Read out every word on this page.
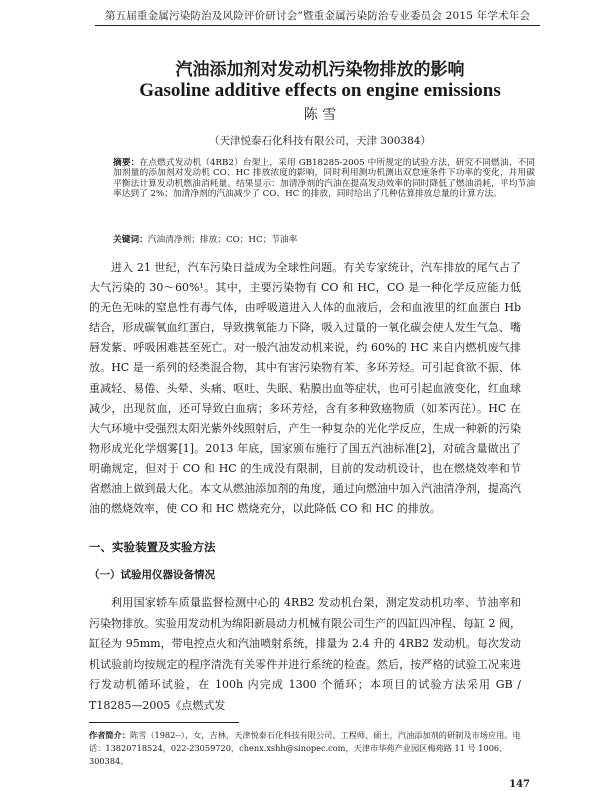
第五届重金属污染防治及风险评价研讨会”暨重金属污染防治专业委员会 2015 年学术年会
汽油添加剂对发动机污染物排放的影响
Gasoline additive effects on engine emissions
陈 雪
（天津悦泰石化科技有限公司，天津 300384）
摘要：在点燃式发动机（4RB2）台架上，采用 GB18285-2005 中所规定的试验方法，研究不同燃油、不同加剂量的添加剂对发动机 CO、HC 排放浓度的影响，同时利用测功机测出双怠速条件下功率的变化，并用碳平衡法计算发动机燃油消耗量。结果显示：加清净剂的汽油在提高发动效率的同时降低了燃油消耗，平均节油率达到了 2%；加清净剂的汽油减少了 CO、HC 的排放，同时给出了几种估算排放总量的计算方法。
关键词：汽油清净剂；排放；CO；HC；节油率
进入 21 世纪，汽车污染日益成为全球性问题。有关专家统计，汽车排放的尾气占了大气污染的 30～60%¹。其中，主要污染物有 CO 和 HC，CO 是一种化学反应能力低的无色无味的窒息性有毒气体，由呼吸道进入人体的血液后，会和血液里的红血蛋白 Hb 结合，形成碳氧血红蛋白，导致携氧能力下降，吸入过量的一氧化碳会使人发生气急、嘴唇发紫、呼吸困难甚至死亡。对一般汽油发动机来说，约 60%的 HC 来自内燃机废气排放。HC 是一系列的烃类混合物，其中有害污染物有苯、多环芳烃。可引起食欲不振、体重减轻、易倦、头晕、头痛、呕吐、失眠、粘膜出血等症状，也可引起血液变化，红血球减少，出现贫血，还可导致白血病；多环芳烃，含有多种致癌物质（如苯丙芘）。HC 在大气环境中受强烈太阳光紫外线照射后，产生一种复杂的光化学反应，生成一种新的污染物形成光化学烟雾[1]。2013 年底，国家颁布施行了国五汽油标准[2]，对硫含量做出了明确规定，但对于 CO 和 HC 的生成没有限制，目前的发动机设计，也在燃烧效率和节省燃油上做到最大化。本文从燃油添加剂的角度，通过向燃油中加入汽油清净剂，提高汽油的燃烧效率，使 CO 和 HC 燃烧充分，以此降低 CO 和 HC 的排放。
一、实验装置及实验方法
（一）试验用仪器设备情况
利用国家轿车质量监督检测中心的 4RB2 发动机台架，测定发动机功率、节油率和污染物排放。实验用发动机为绵阳新晨动力机械有限公司生产的四缸四冲程、每缸 2 阀，缸径为 95mm，带电控点火和汽油喷射系统，排量为 2.4 升的 4RB2 发动机。每次发动机试验前均按规定的程序清洗有关零件并进行系统的检查。然后，按严格的试验工况来进行发动机循环试验，在 100h 内完成 1300 个循环；本项目的试验方法采用 GB / T18285—2005《点燃式发
作者简介：陈雪（1982--），女，吉林，天津悦泰石化科技有限公司、工程师、硕士，汽油添加剂的研制及市场应用。电话：13820718524，022-23059720，chenx.xshh@sinopec.com，天津市华苑产业园区梅苑路 11 号 1006、300384。
147
